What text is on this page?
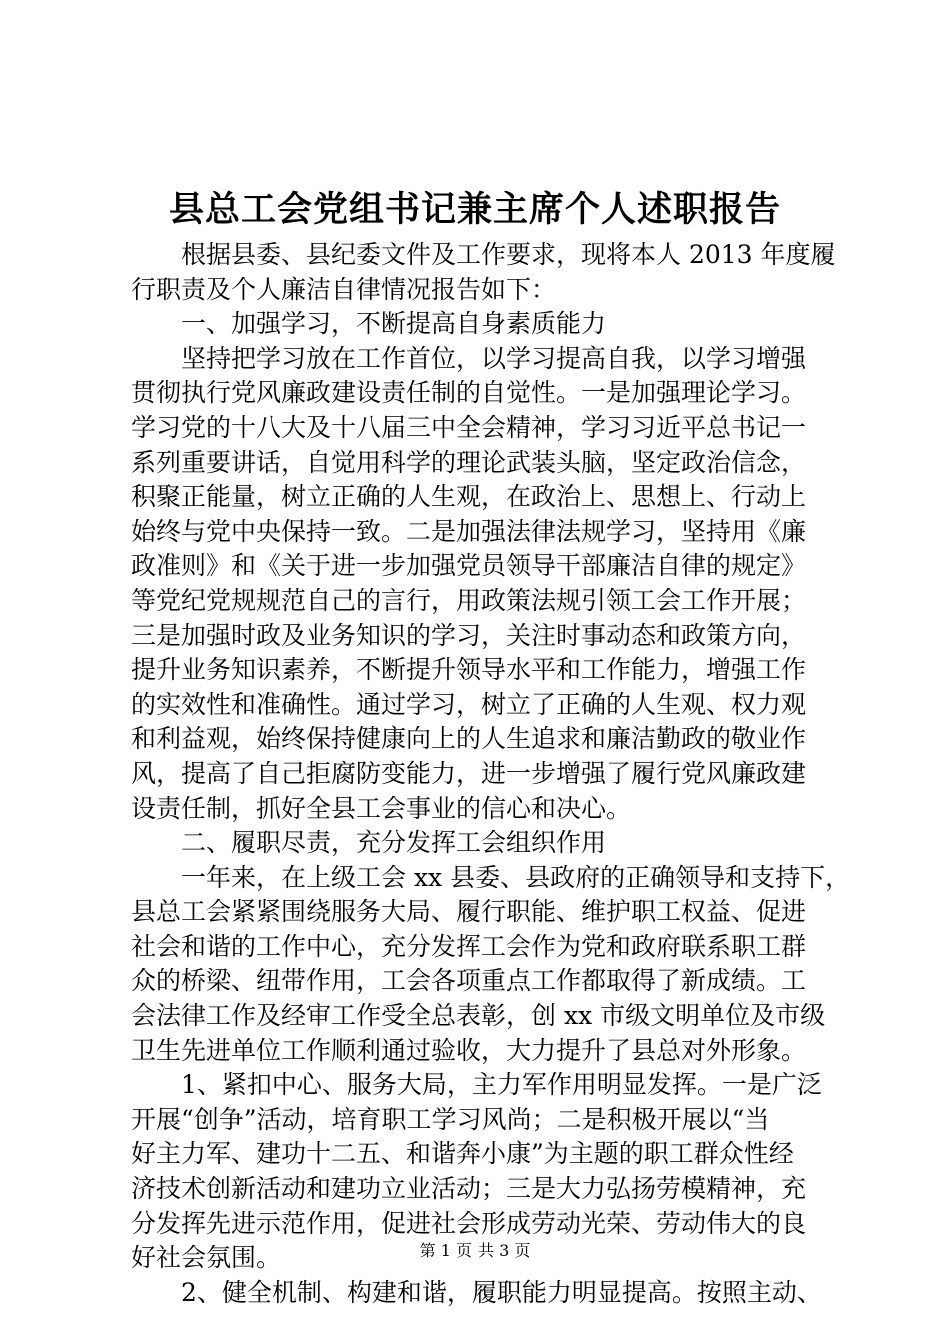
县总工会党组书记兼主席个人述职报告
根据县委、县纪委文件及工作要求，现将本人 2013 年度履
行职责及个人廉洁自律情况报告如下：
一、加强学习，不断提高自身素质能力
坚持把学习放在工作首位，以学习提高自我，以学习增强
贯彻执行党风廉政建设责任制的自觉性。一是加强理论学习。
学习党的十八大及十八届三中全会精神，学习习近平总书记一
系列重要讲话，自觉用科学的理论武装头脑，坚定政治信念，
积聚正能量，树立正确的人生观，在政治上、思想上、行动上
始终与党中央保持一致。二是加强法律法规学习，坚持用《廉
政准则》和《关于进一步加强党员领导干部廉洁自律的规定》
等党纪党规规范自己的言行，用政策法规引领工会工作开展；
三是加强时政及业务知识的学习，关注时事动态和政策方向，
提升业务知识素养，不断提升领导水平和工作能力，增强工作
的实效性和准确性。通过学习，树立了正确的人生观、权力观
和利益观，始终保持健康向上的人生追求和廉洁勤政的敬业作
风，提高了自己拒腐防变能力，进一步增强了履行党风廉政建
设责任制，抓好全县工会事业的信心和决心。
二、履职尽责，充分发挥工会组织作用
一年来，在上级工会 xx 县委、县政府的正确领导和支持下，
县总工会紧紧围绕服务大局、履行职能、维护职工权益、促进
社会和谐的工作中心，充分发挥工会作为党和政府联系职工群
众的桥梁、纽带作用，工会各项重点工作都取得了新成绩。工
会法律工作及经审工作受全总表彰，创 xx 市级文明单位及市级
卫生先进单位工作顺利通过验收，大力提升了县总对外形象。
1、紧扣中心、服务大局，主力军作用明显发挥。一是广泛
开展“创争”活动，培育职工学习风尚；二是积极开展以“当
好主力军、建功十二五、和谐奔小康”为主题的职工群众性经
济技术创新活动和建功立业活动；三是大力弘扬劳模精神，充
分发挥先进示范作用，促进社会形成劳动光荣、劳动伟大的良
好社会氛围。
2、健全机制、构建和谐，履职能力明显提高。按照主动、
第 1 页 共 3 页
